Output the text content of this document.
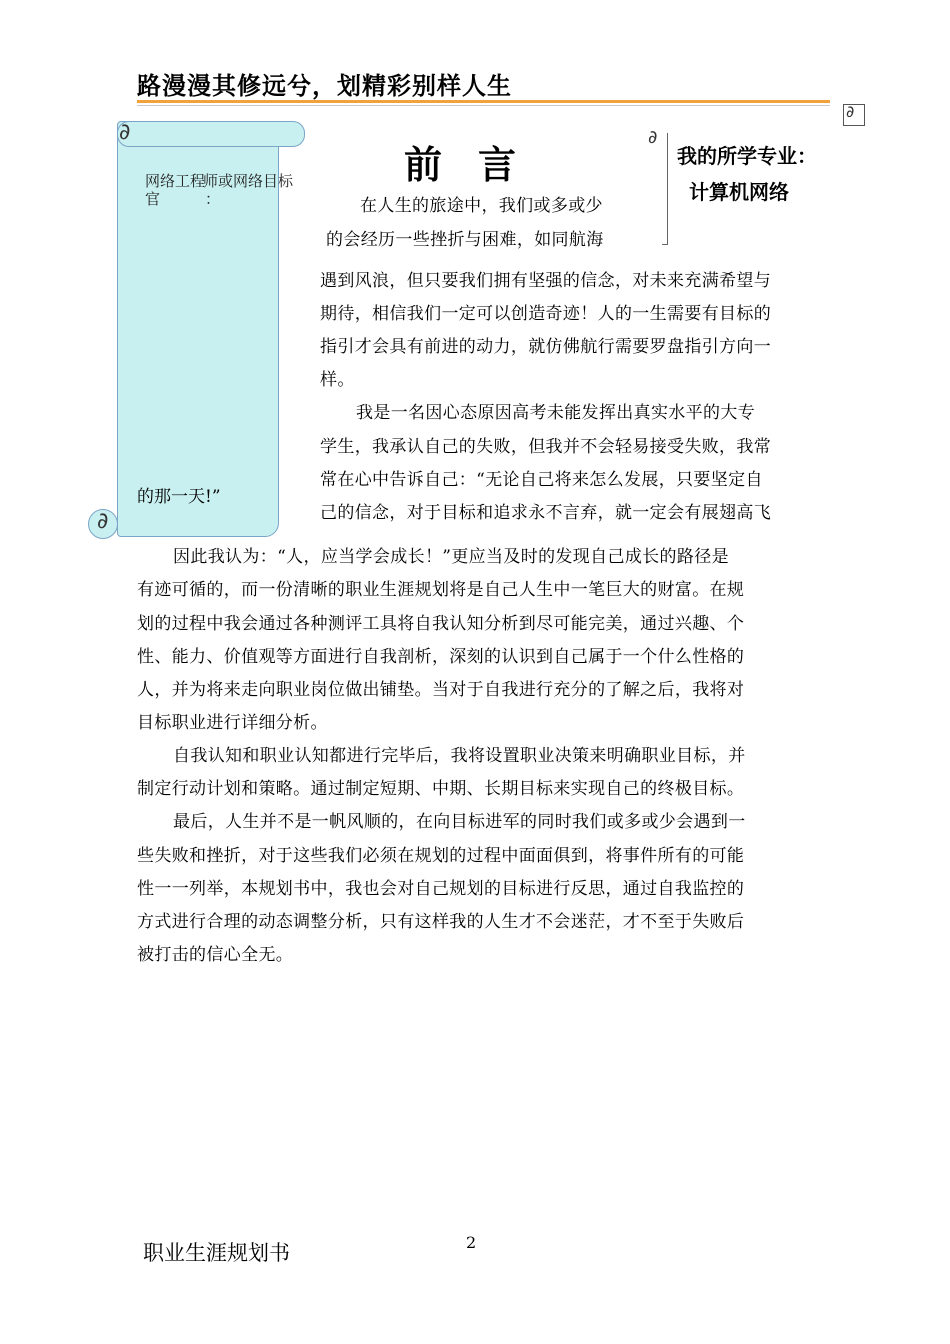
路漫漫其修远兮，划精彩别样人生
∂
∂
网络工程
师或网络目标
官	：
的那一天!”
前言
∂
我的所学专业：
计算机网络
∂
在人生的旅途中，我们或多或少
的会经历一些挫折与困难，如同航海
遇到风浪，但只要我们拥有坚强的信念，对未来充满希望与
期待，相信我们一定可以创造奇迹！人的一生需要有目标的
指引才会具有前进的动力，就仿佛航行需要罗盘指引方向一
样。
我是一名因心态原因高考未能发挥出真实水平的大专
学生，我承认自己的失败，但我并不会轻易接受失败，我常
常在心中告诉自己：“无论自己将来怎么发展，只要坚定自
己的信念，对于目标和追求永不言弃，就一定会有展翅高飞
因此我认为：“人，应当学会成长！”更应当及时的发现自己成长的路径是
有迹可循的，而一份清晰的职业生涯规划将是自己人生中一笔巨大的财富。在规
划的过程中我会通过各种测评工具将自我认知分析到尽可能完美，通过兴趣、个
性、能力、价值观等方面进行自我剖析，深刻的认识到自己属于一个什么性格的
人，并为将来走向职业岗位做出铺垫。当对于自我进行充分的了解之后，我将对
目标职业进行详细分析。
自我认知和职业认知都进行完毕后，我将设置职业决策来明确职业目标，并
制定行动计划和策略。通过制定短期、中期、长期目标来实现自己的终极目标。
最后，人生并不是一帆风顺的，在向目标进军的同时我们或多或少会遇到一
些失败和挫折，对于这些我们必须在规划的过程中面面俱到，将事件所有的可能
性一一列举，本规划书中，我也会对自己规划的目标进行反思，通过自我监控的
方式进行合理的动态调整分析，只有这样我的人生才不会迷茫，才不至于失败后
被打击的信心全无。
职业生涯规划书	2
